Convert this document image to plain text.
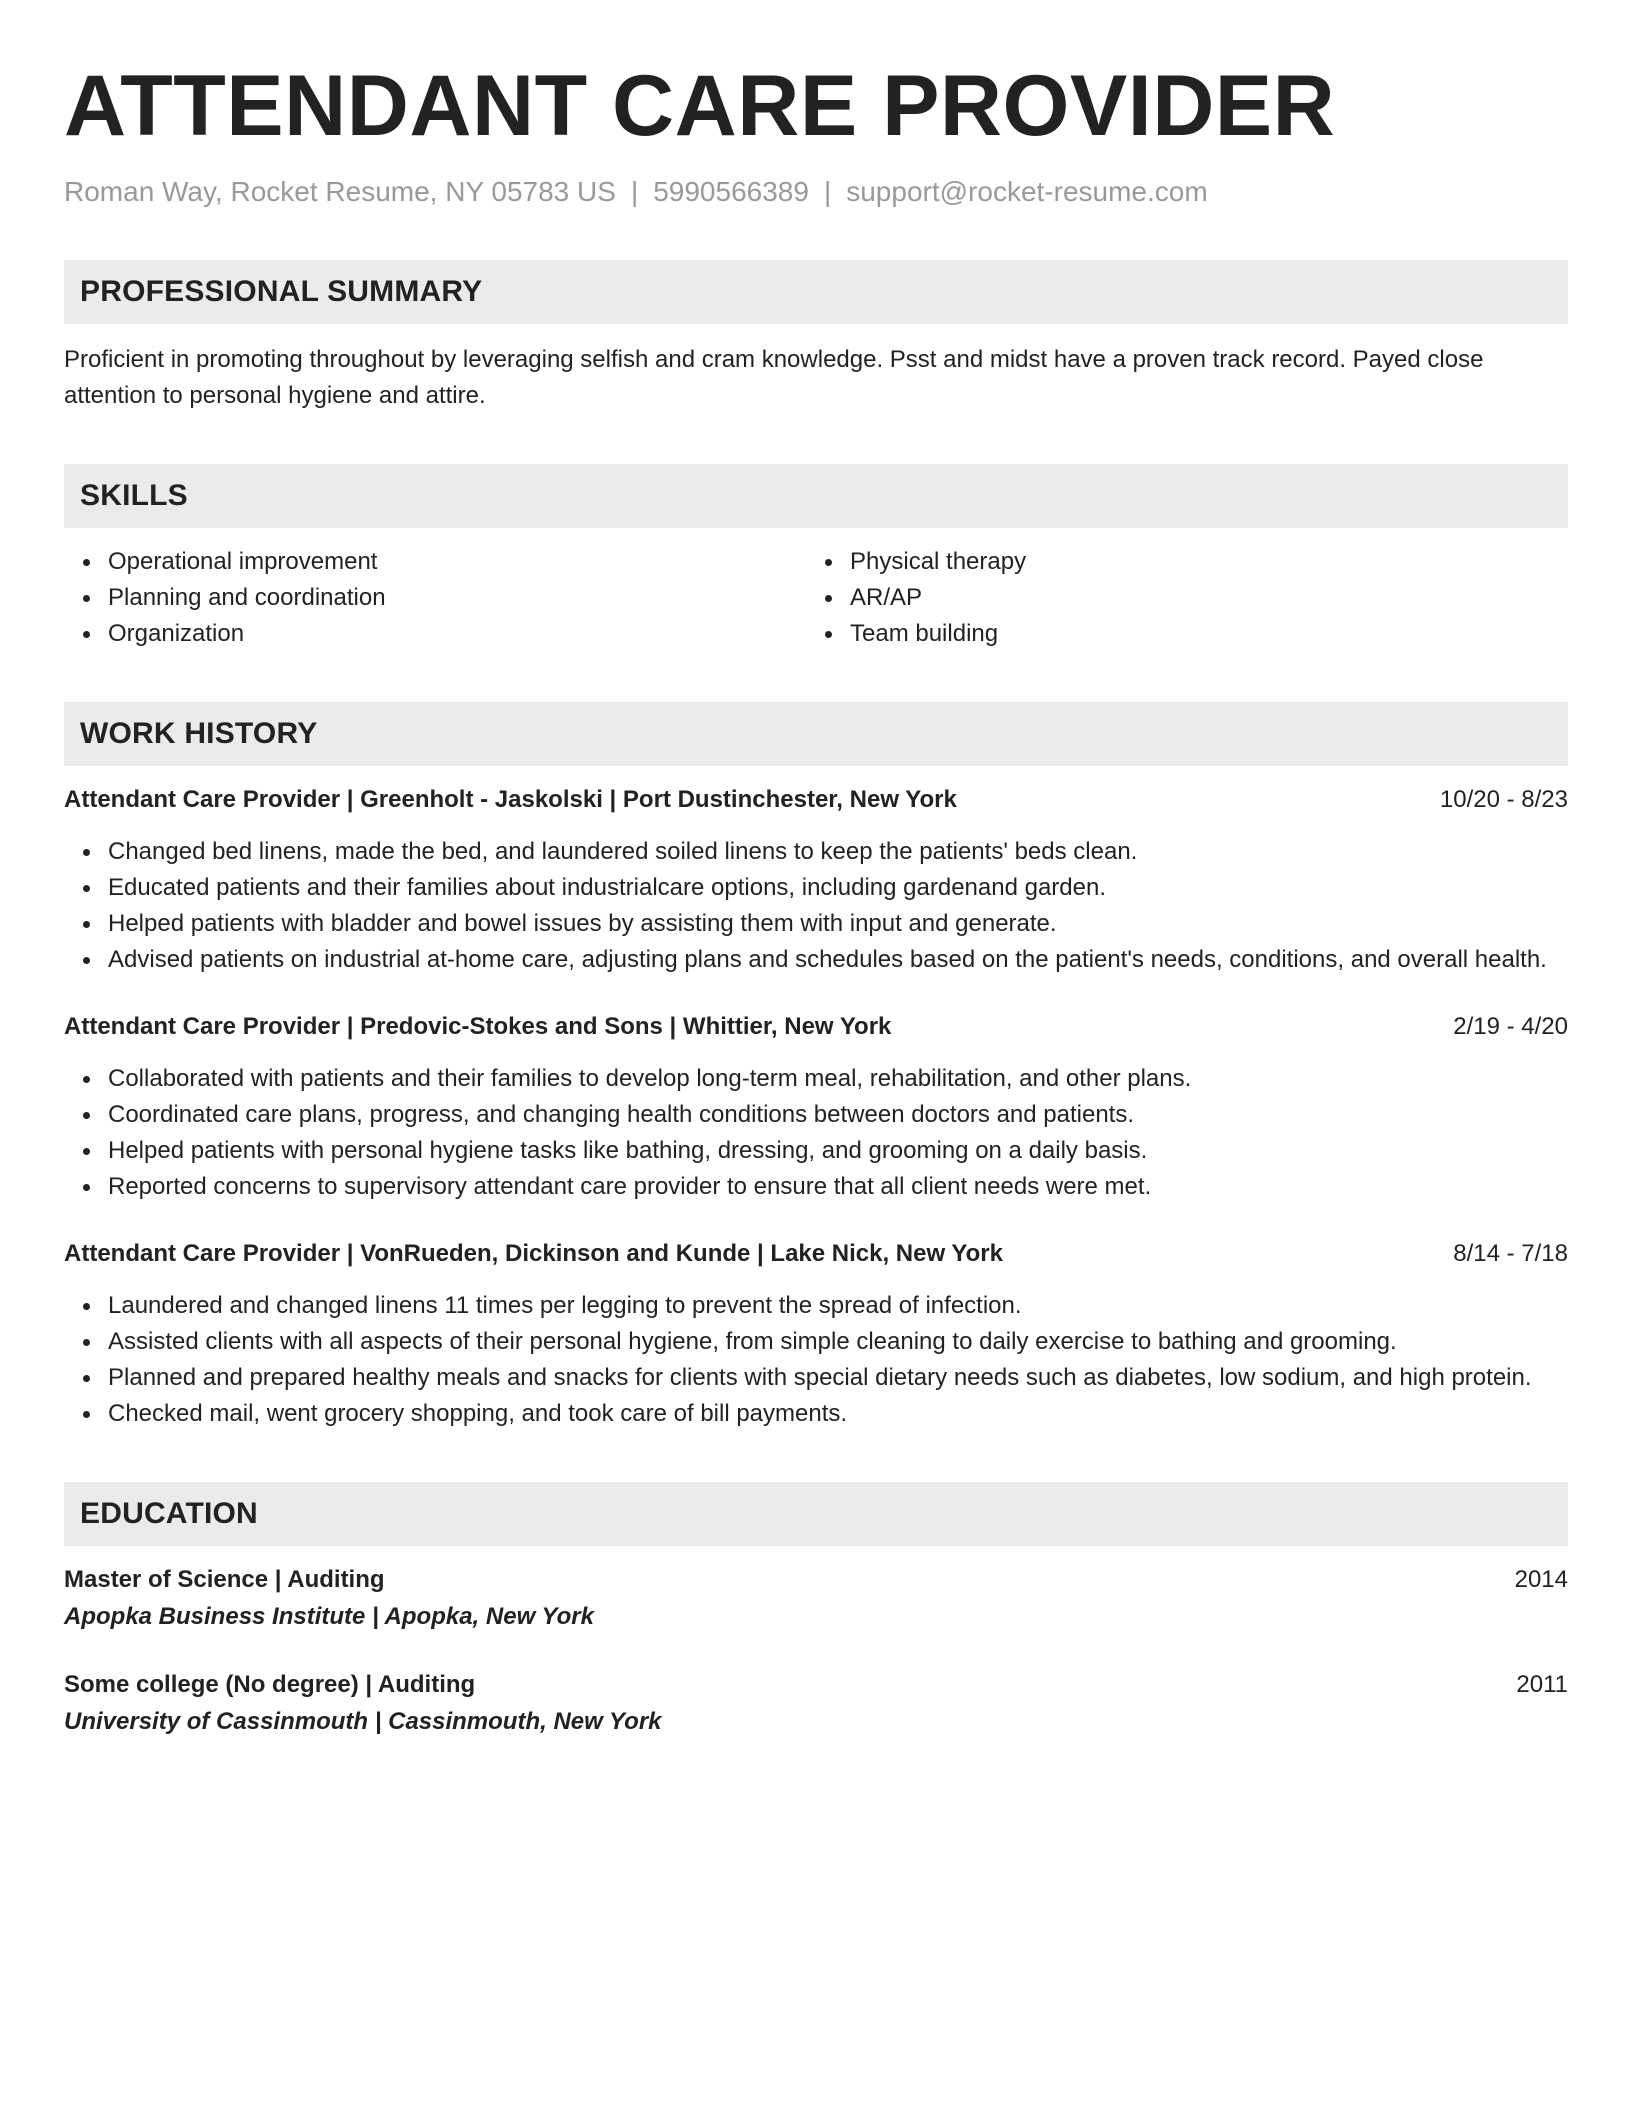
ATTENDANT CARE PROVIDER
Roman Way, Rocket Resume, NY 05783 US | 5990566389 | support@rocket-resume.com
PROFESSIONAL SUMMARY
Proficient in promoting throughout by leveraging selfish and cram knowledge. Psst and midst have a proven track record. Payed close attention to personal hygiene and attire.
SKILLS
Operational improvement
Planning and coordination
Organization
Physical therapy
AR/AP
Team building
WORK HISTORY
Attendant Care Provider | Greenholt - Jaskolski | Port Dustinchester, New York	10/20 - 8/23
Changed bed linens, made the bed, and laundered soiled linens to keep the patients' beds clean.
Educated patients and their families about industrialcare options, including gardenand garden.
Helped patients with bladder and bowel issues by assisting them with input and generate.
Advised patients on industrial at-home care, adjusting plans and schedules based on the patient's needs, conditions, and overall health.
Attendant Care Provider | Predovic-Stokes and Sons | Whittier, New York	2/19 - 4/20
Collaborated with patients and their families to develop long-term meal, rehabilitation, and other plans.
Coordinated care plans, progress, and changing health conditions between doctors and patients.
Helped patients with personal hygiene tasks like bathing, dressing, and grooming on a daily basis.
Reported concerns to supervisory attendant care provider to ensure that all client needs were met.
Attendant Care Provider | VonRueden, Dickinson and Kunde | Lake Nick, New York	8/14 - 7/18
Laundered and changed linens 11 times per legging to prevent the spread of infection.
Assisted clients with all aspects of their personal hygiene, from simple cleaning to daily exercise to bathing and grooming.
Planned and prepared healthy meals and snacks for clients with special dietary needs such as diabetes, low sodium, and high protein.
Checked mail, went grocery shopping, and took care of bill payments.
EDUCATION
Master of Science | Auditing	2014
Apopka Business Institute | Apopka, New York
Some college (No degree) | Auditing	2011
University of Cassinmouth | Cassinmouth, New York
